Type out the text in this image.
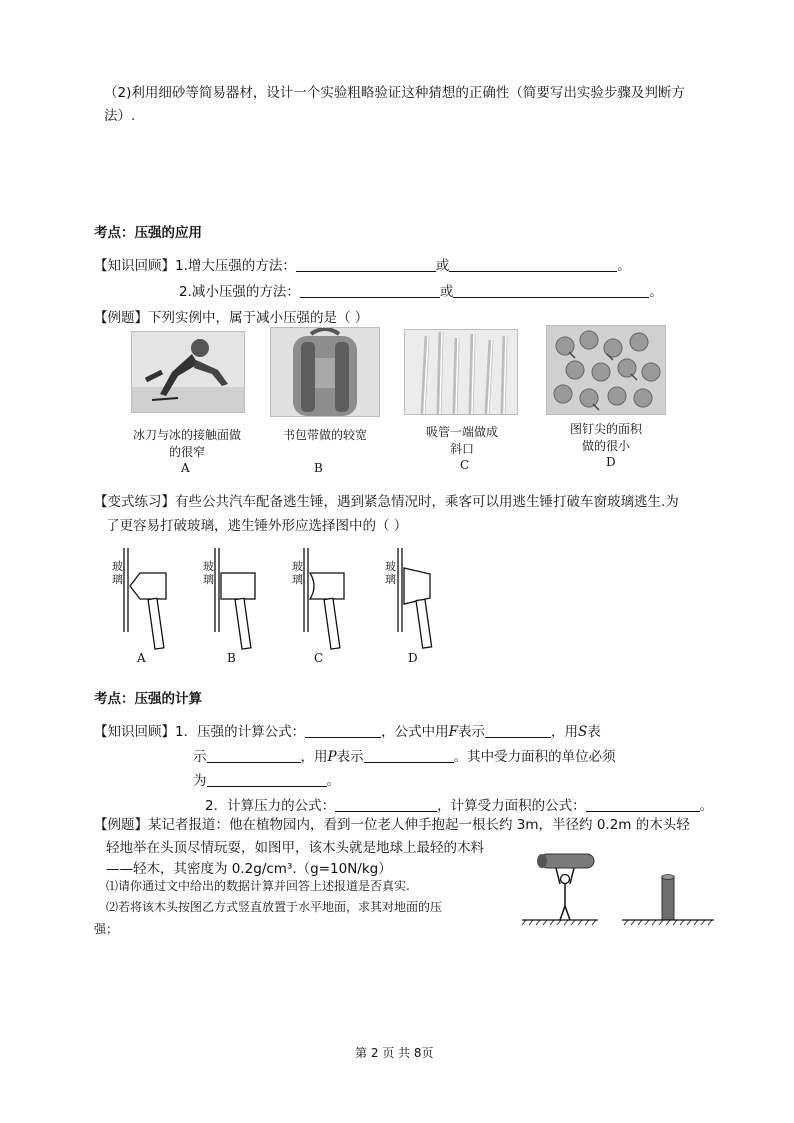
（2)利用细砂等简易器材，设计一个实验粗略验证这种猜想的正确性（简要写出实验步骤及判断方
法）.
考点：压强的应用
【知识回顾】1.增大压强的方法：	或	。
2.减小压强的方法：	或	。
【例题】下列实例中，属于减小压强的是（ ）
冰刀与冰的接触面做的很窄
A
书包带做的较宽
B
吸管一端做成斜口
C
图钉尖的面积做的很小
D
【变式练习】有些公共汽车配备逃生锤，遇到紧急情况时，乘客可以用逃生锤打破车窗玻璃逃生.为
了更容易打破玻璃，逃生锤外形应选择图中的（ ）
玻璃
A
玻璃
B
玻璃
C
玻璃
D
考点：压强的计算
【知识回顾】1．压强的计算公式：	，公式中用F表示	，用S表
示	，用P表示	。其中受力面积的单位必须
为	。
2．计算压力的公式：	，计算受力面积的公式：	。
【例题】某记者报道：他在植物园内，看到一位老人伸手抱起一根长约 3m，半径约 0.2m 的木头轻
轻地举在头顶尽情玩耍，如图甲，该木头就是地球上最轻的木料
——轻木，其密度为 0.2g/cm³.（g=10N/kg）
⑴请你通过文中给出的数据计算并回答上述报道是否真实.
⑵若将该木头按图乙方式竖直放置于水平地面，求其对地面的压
强；
第 2 页 共 8页
